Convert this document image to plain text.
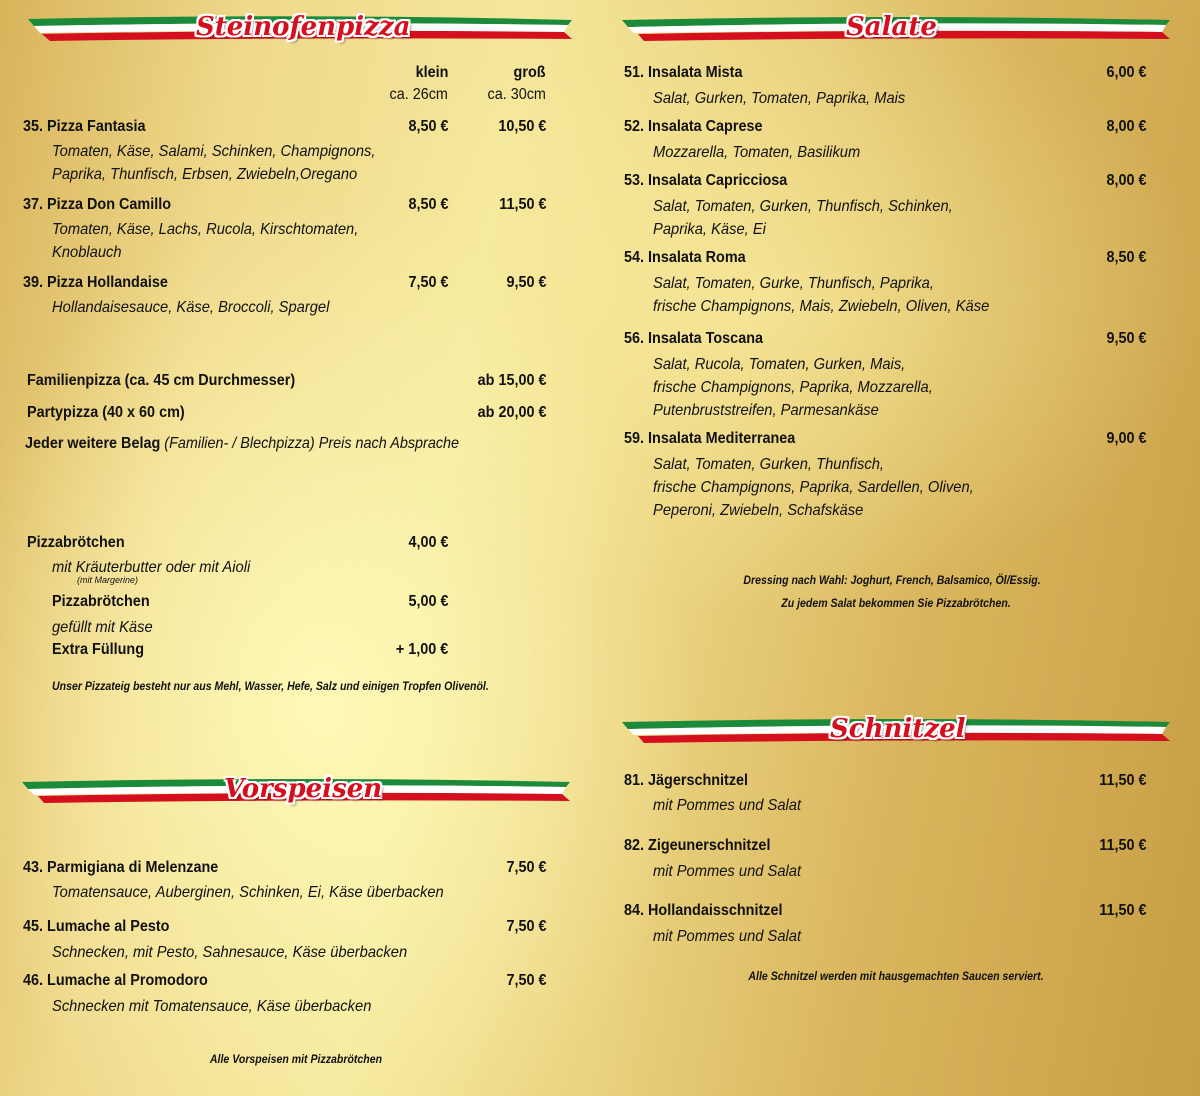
Steinofenpizza	Salate
Schnitzel
Vorspeisen
klein
ca. 26cm
groß
ca. 30cm
35. Pizza Fantasia	8,50 €	10,50 €
Tomaten, Käse, Salami, Schinken, Champignons,
Paprika, Thunfisch, Erbsen, Zwiebeln,Oregano
37. Pizza Don Camillo	8,50 €	11,50 €
Tomaten, Käse, Lachs, Rucola, Kirschtomaten,
Knoblauch
39. Pizza Hollandaise	7,50 €	9,50 €
Hollandaisesauce, Käse, Broccoli, Spargel
Familienpizza (ca. 45 cm Durchmesser)	ab 15,00 €
Partypizza (40 x 60 cm)	ab 20,00 €
Jeder weitere Belag (Familien- / Blechpizza) Preis nach Absprache
Pizzabrötchen	4,00 €
mit Kräuterbutter oder mit Aioli
(mit Margerine)
Pizzabrötchen	5,00 €
gefüllt mit Käse
Extra Füllung	+ 1,00 €
Unser Pizzateig besteht nur aus Mehl, Wasser, Hefe, Salz und einigen Tropfen Olivenöl.
43. Parmigiana di Melenzane	7,50 €
Tomatensauce, Auberginen, Schinken, Ei, Käse überbacken
45. Lumache al Pesto	7,50 €
Schnecken, mit Pesto, Sahnesauce, Käse überbacken
46. Lumache al Promodoro	7,50 €
Schnecken mit Tomatensauce, Käse überbacken
Alle Vorspeisen mit Pizzabrötchen
51. Insalata Mista	6,00 €
Salat, Gurken, Tomaten, Paprika, Mais
52. Insalata Caprese	8,00 €
Mozzarella, Tomaten, Basilikum
53. Insalata Capricciosa	8,00 €
Salat, Tomaten, Gurken, Thunfisch, Schinken,
Paprika, Käse, Ei
54. Insalata Roma	8,50 €
Salat, Tomaten, Gurke, Thunfisch, Paprika,
frische Champignons, Mais, Zwiebeln, Oliven, Käse
56. Insalata Toscana	9,50 €
Salat, Rucola, Tomaten, Gurken, Mais,
frische Champignons, Paprika, Mozzarella,
Putenbruststreifen, Parmesankäse
59. Insalata Mediterranea	9,00 €
Salat, Tomaten, Gurken, Thunfisch,
frische Champignons, Paprika, Sardellen, Oliven,
Peperoni, Zwiebeln, Schafskäse
Dressing nach Wahl: Joghurt, French, Balsamico, Öl/Essig.
Zu jedem Salat bekommen Sie Pizzabrötchen.
81. Jägerschnitzel	11,50 €
mit Pommes und Salat
82. Zigeunerschnitzel	11,50 €
mit Pommes und Salat
84. Hollandaisschnitzel	11,50 €
mit Pommes und Salat
Alle Schnitzel werden mit hausgemachten Saucen serviert.
